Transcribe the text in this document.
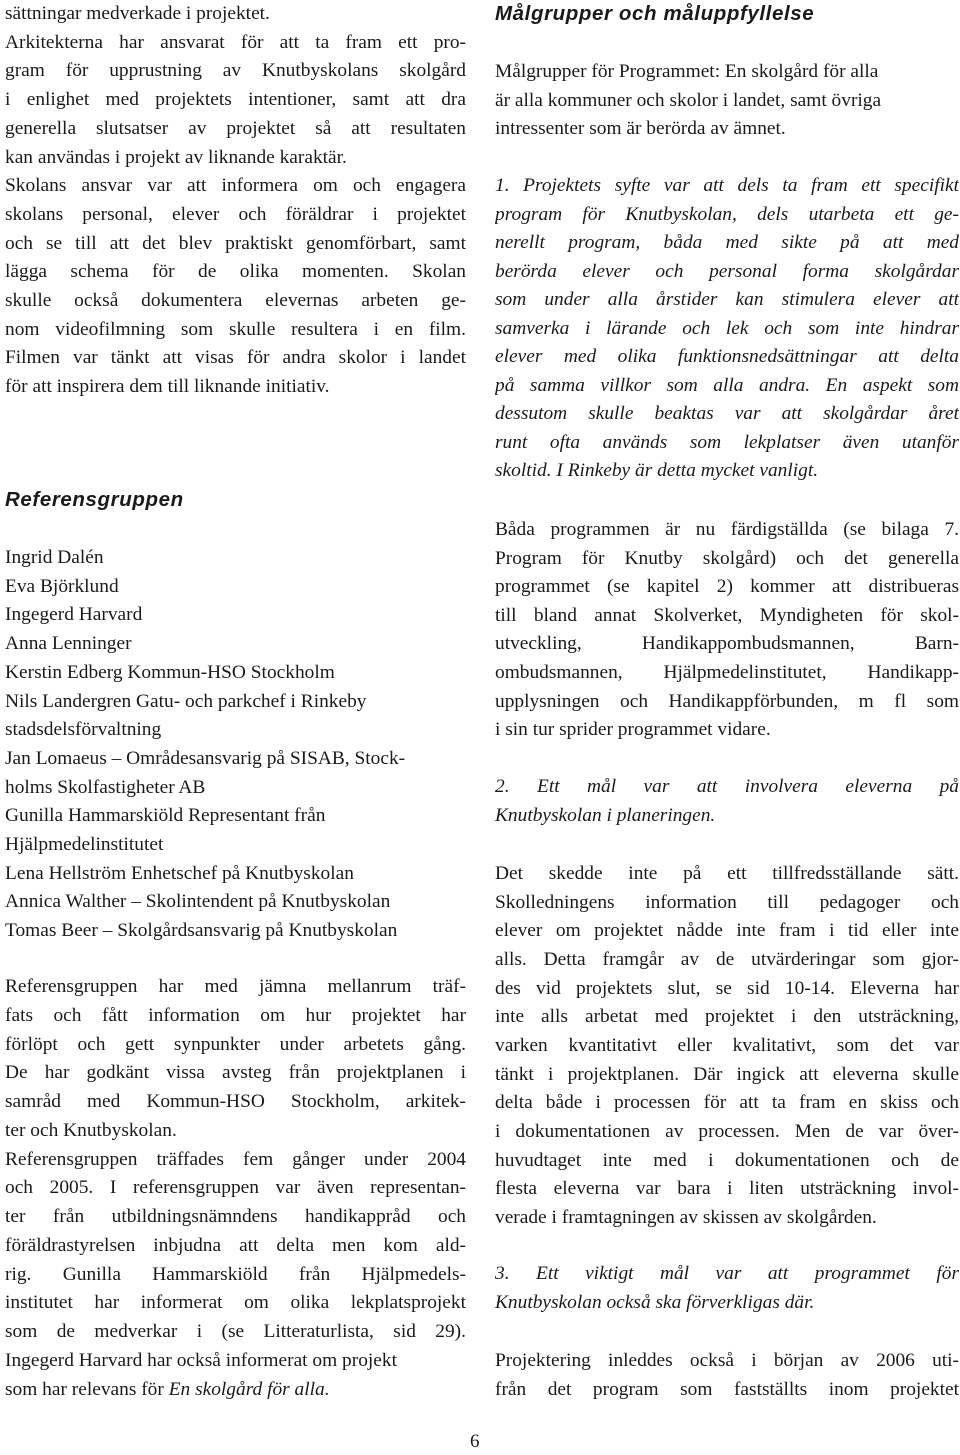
sättningar medverkade i projektet.
Arkitekterna har ansvarat för att ta fram ett pro-
gram för upprustning av Knutbyskolans skolgård
i enlighet med projektets intentioner, samt att dra
generella slutsatser av projektet så att resultaten
kan användas i projekt av liknande karaktär.
Skolans ansvar var att informera om och engagera
skolans personal, elever och föräldrar i projektet
och se till att det blev praktiskt genomförbart, samt
lägga schema för de olika momenten. Skolan
skulle också dokumentera elevernas arbeten ge-
nom videofilmning som skulle resultera i en film.
Filmen var tänkt att visas för andra skolor i landet
för att inspirera dem till liknande initiativ.
Referensgruppen
Ingrid Dalén
Eva Björklund
Ingegerd Harvard
Anna Lenninger
Kerstin Edberg Kommun-HSO Stockholm
Nils Landergren Gatu- och parkchef i Rinkeby
stadsdelsförvaltning
Jan Lomaeus – Områdesansvarig på SISAB, Stock-
holms Skolfastigheter AB
Gunilla Hammarskiöld Representant från
Hjälpmedelinstitutet
Lena Hellström Enhetschef på Knutbyskolan
Annica Walther – Skolintendent på Knutbyskolan
Tomas Beer – Skolgårdsansvarig på Knutbyskolan
Referensgruppen har med jämna mellanrum träf-
fats och fått information om hur projektet har
förlöpt och gett synpunkter under arbetets gång.
De har godkänt vissa avsteg från projektplanen i
samråd med Kommun-HSO Stockholm, arkitek-
ter och Knutbyskolan.
Referensgruppen träffades fem gånger under 2004
och 2005. I referensgruppen var även representan-
ter från utbildningsnämndens handikappråd och
föräldrastyrelsen inbjudna att delta men kom ald-
rig. Gunilla Hammarskiöld från Hjälpmedels-
institutet har informerat om olika lekplatsprojekt
som de medverkar i (se Litteraturlista, sid 29).
Ingegerd Harvard har också informerat om projekt
som har relevans för En skolgård för alla.
Målgrupper och måluppfyllelse
Målgrupper för Programmet: En skolgård för alla
är alla kommuner och skolor i landet, samt övriga
intressenter som är berörda av ämnet.
1. Projektets syfte var att dels ta fram ett specifikt
program för Knutbyskolan, dels utarbeta ett ge-
nerellt program, båda med sikte på att med
berörda elever och personal forma skolgårdar
som under alla årstider kan stimulera elever att
samverka i lärande och lek och som inte hindrar
elever med olika funktionsnedsättningar att delta
på samma villkor som alla andra. En aspekt som
dessutom skulle beaktas var att skolgårdar året
runt ofta används som lekplatser även utanför
skoltid. I Rinkeby är detta mycket vanligt.
Båda programmen är nu färdigställda (se bilaga 7.
Program för Knutby skolgård) och det generella
programmet (se kapitel 2) kommer att distribueras
till bland annat Skolverket, Myndigheten för skol-
utveckling, Handikappombudsmannen, Barn-
ombudsmannen, Hjälpmedelinstitutet, Handikapp-
upplysningen och Handikappförbunden, m fl som
i sin tur sprider programmet vidare.
2. Ett mål var att involvera eleverna på
Knutbyskolan i planeringen.
Det skedde inte på ett tillfredsställande sätt.
Skolledningens information till pedagoger och
elever om projektet nådde inte fram i tid eller inte
alls. Detta framgår av de utvärderingar som gjor-
des vid projektets slut, se sid 10-14. Eleverna har
inte alls arbetat med projektet i den utsträckning,
varken kvantitativt eller kvalitativt, som det var
tänkt i projektplanen. Där ingick att eleverna skulle
delta både i processen för att ta fram en skiss och
i dokumentationen av processen. Men de var över-
huvudtaget inte med i dokumentationen och de
flesta eleverna var bara i liten utsträckning invol-
verade i framtagningen av skissen av skolgården.
3. Ett viktigt mål var att programmet för
Knutbyskolan också ska förverkligas där.
Projektering inleddes också i början av 2006 uti-
från det program som fastställts inom projektet
6
